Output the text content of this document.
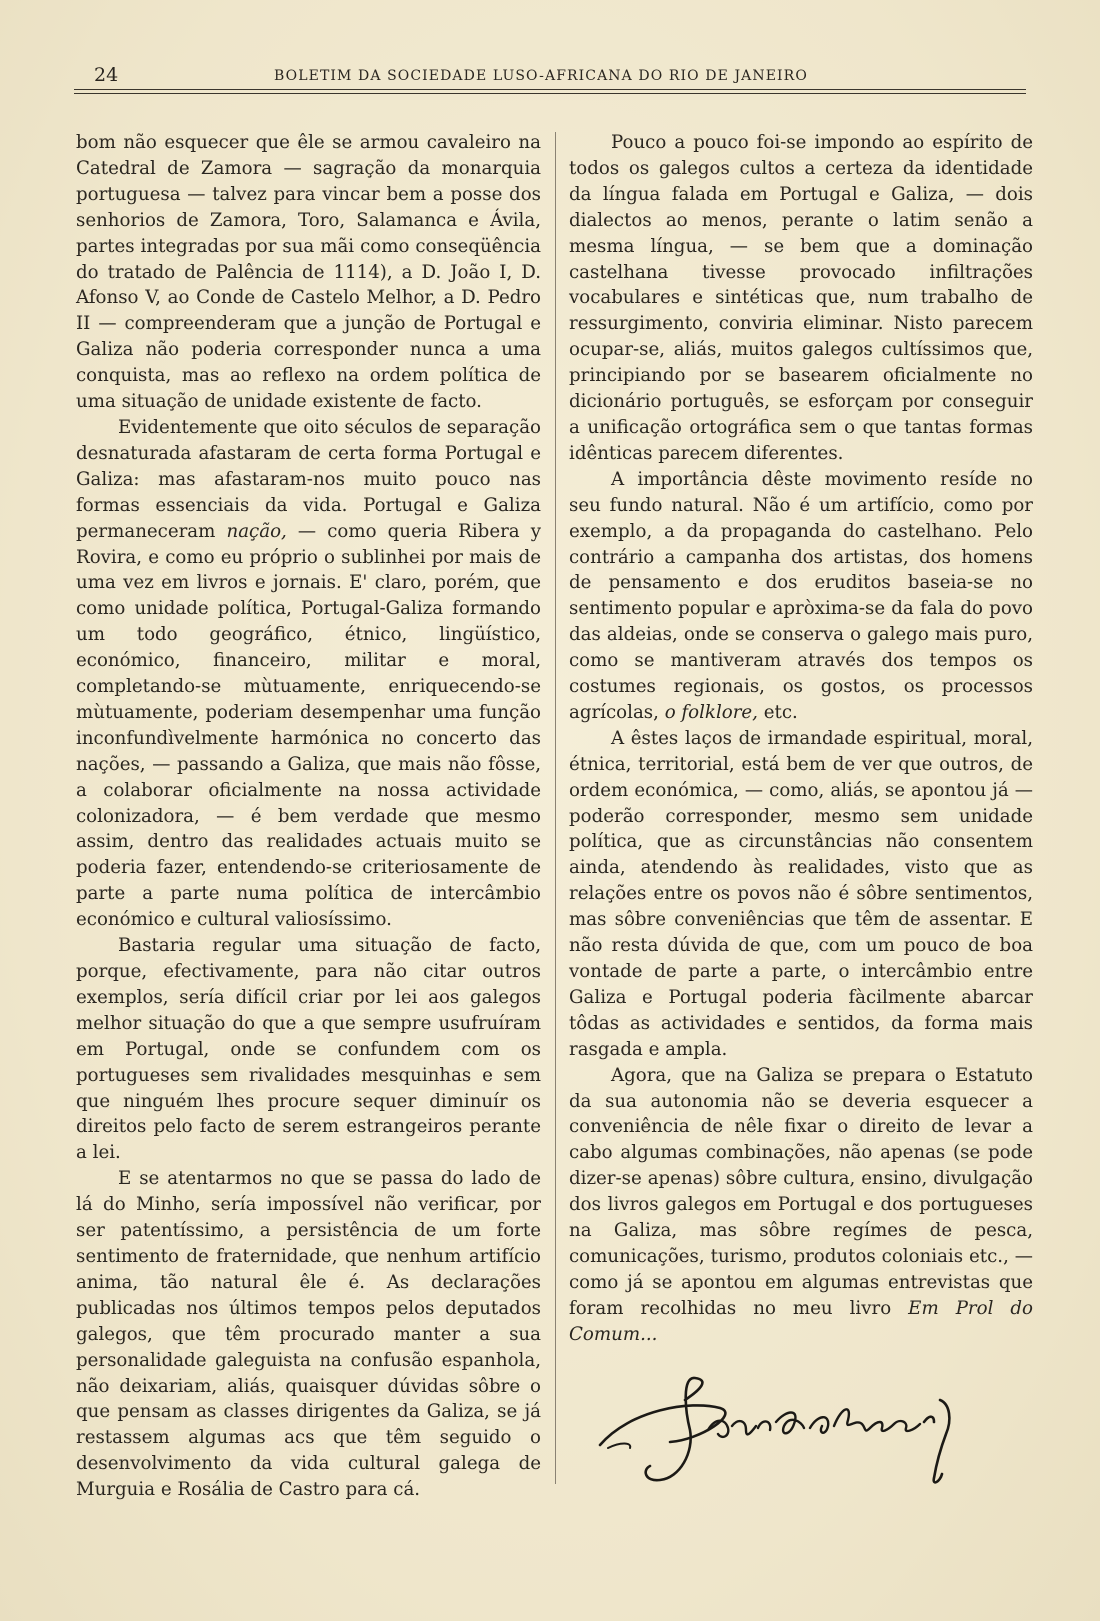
24	BOLETIM DA SOCIEDADE LUSO-AFRICANA DO RIO DE JANEIRO

bom não esquecer que êle se armou cavaleiro na Catedral de Zamora — sagração da monarquia portuguesa — talvez para vincar bem a posse dos senhorios de Zamora, Toro, Salamanca e Ávila, partes integradas por sua mãi como conseqüência do tratado de Palência de 1114), a D. João I, D. Afonso V, ao Conde de Castelo Melhor, a D. Pedro II — compreenderam que a junção de Portugal e Galiza não poderia corresponder nunca a uma conquista, mas ao reflexo na ordem política de uma situação de unidade existente de facto.

Evidentemente que oito séculos de separação desnaturada afastaram de certa forma Portugal e Galiza: mas afastaram-nos muito pouco nas formas essenciais da vida. Portugal e Galiza permaneceram nação, — como queria Ribera y Rovira, e como eu próprio o sublinhei por mais de uma vez em livros e jornais. E' claro, porém, que como unidade política, Portugal-Galiza formando um todo geográfico, étnico, lingüístico, económico, financeiro, militar e moral, completando-se mùtuamente, enriquecendo-se mùtuamente, poderiam desempenhar uma função inconfundìvelmente harmónica no concerto das nações, — passando a Galiza, que mais não fôsse, a colaborar oficialmente na nossa actividade colonizadora, — é bem verdade que mesmo assim, dentro das realidades actuais muito se poderia fazer, entendendo-se criteriosamente de parte a parte numa política de intercâmbio económico e cultural valiosíssimo.

Bastaria regular uma situação de facto, porque, efectivamente, para não citar outros exemplos, sería difícil criar por lei aos galegos melhor situação do que a que sempre usufruíram em Portugal, onde se confundem com os portugueses sem rivalidades mesquinhas e sem que ninguém lhes procure sequer diminuír os direitos pelo facto de serem estrangeiros perante a lei.

E se atentarmos no que se passa do lado de lá do Minho, sería impossível não verificar, por ser patentíssimo, a persistência de um forte sentimento de fraternidade, que nenhum artifício anima, tão natural êle é. As declarações publicadas nos últimos tempos pelos deputados galegos, que têm procurado manter a sua personalidade galeguista na confusão espanhola, não deixariam, aliás, quaisquer dúvidas sôbre o que pensam as classes dirigentes da Galiza, se já restassem algumas acs que têm seguido o desenvolvimento da vida cultural galega de Murguia e Rosália de Castro para cá.

Pouco a pouco foi-se impondo ao espírito de todos os galegos cultos a certeza da identidade da língua falada em Portugal e Galiza, — dois dialectos ao menos, perante o latim senão a mesma língua, — se bem que a dominação castelhana tivesse provocado infiltrações vocabulares e sintéticas que, num trabalho de ressurgimento, conviria eliminar. Nisto parecem ocupar-se, aliás, muitos galegos cultíssimos que, principiando por se basearem oficialmente no dicionário português, se esforçam por conseguir a unificação ortográfica sem o que tantas formas idênticas parecem diferentes.

A importância dêste movimento resíde no seu fundo natural. Não é um artifício, como por exemplo, a da propaganda do castelhano. Pelo contrário a campanha dos artistas, dos homens de pensamento e dos eruditos baseia-se no sentimento popular e apròxima-se da fala do povo das aldeias, onde se conserva o galego mais puro, como se mantiveram através dos tempos os costumes regionais, os gostos, os processos agrícolas, o folklore, etc.

A êstes laços de irmandade espiritual, moral, étnica, territorial, está bem de ver que outros, de ordem económica, — como, aliás, se apontou já — poderão corresponder, mesmo sem unidade política, que as circunstâncias não consentem ainda, atendendo às realidades, visto que as relações entre os povos não é sôbre sentimentos, mas sôbre conveniências que têm de assentar. E não resta dúvida de que, com um pouco de boa vontade de parte a parte, o intercâmbio entre Galiza e Portugal poderia fàcilmente abarcar tôdas as actividades e sentidos, da forma mais rasgada e ampla.

Agora, que na Galiza se prepara o Estatuto da sua autonomia não se deveria esquecer a conveniência de nêle fixar o direito de levar a cabo algumas combinações, não apenas (se pode dizer-se apenas) sôbre cultura, ensino, divulgação dos livros galegos em Portugal e dos portugueses na Galiza, mas sôbre regímes de pesca, comunicações, turismo, produtos coloniais etc., — como já se apontou em algumas entrevistas que foram recolhidas no meu livro Em Prol do Comum...
